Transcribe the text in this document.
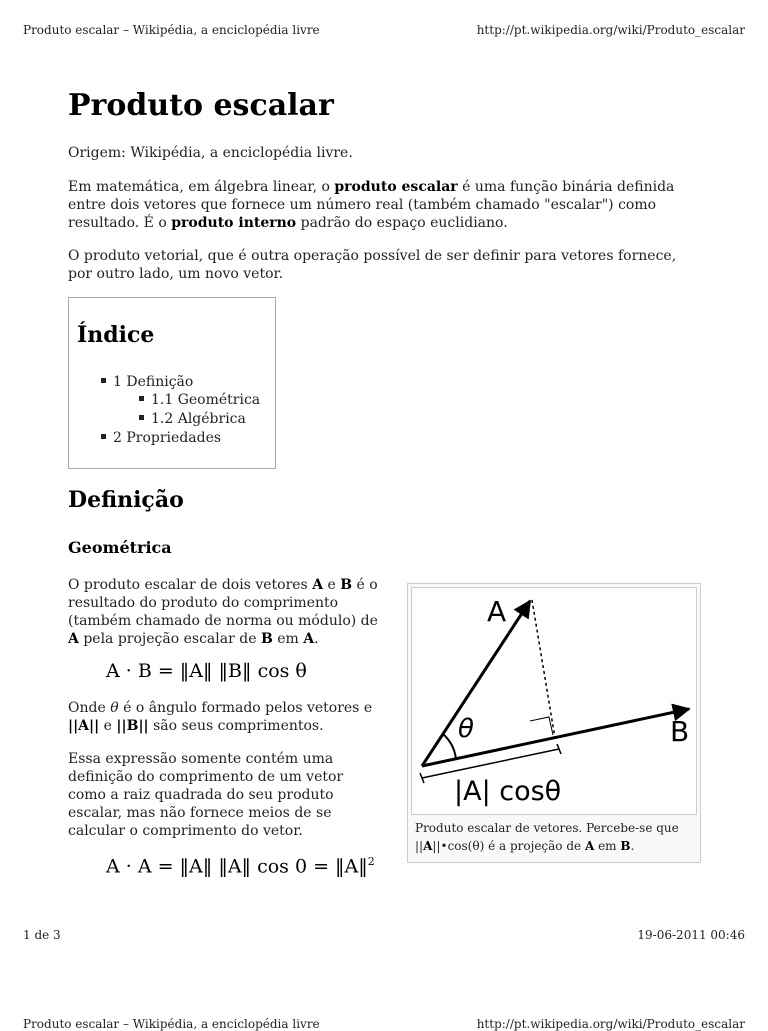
Produto escalar – Wikipédia, a enciclopédia livre	http://pt.wikipedia.org/wiki/Produto_escalar
Produto escalar

Origem: Wikipédia, a enciclopédia livre.

Em matemática, em álgebra linear, o produto escalar é uma função binária definida entre dois vetores que fornece um número real (também chamado "escalar") como resultado. É o produto interno padrão do espaço euclidiano.

O produto vetorial, que é outra operação possível de ser definir para vetores fornece, por outro lado, um novo vetor.

Índice
1 Definição
1.1 Geométrica
1.2 Algébrica
2 Propriedades
Definição
Geométrica

O produto escalar de dois vetores A e B é o resultado do produto do comprimento (também chamado de norma ou módulo) de A pela projeção escalar de B em A.

A · B = ‖A‖ ‖B‖ cos θ

Onde θ é o ângulo formado pelos vetores e ||A|| e ||B|| são seus comprimentos.

Essa expressão somente contém uma definição do comprimento de um vetor como a raiz quadrada do seu produto escalar, mas não fornece meios de se calcular o comprimento do vetor.

A · A = ‖A‖ ‖A‖ cos 0 = ‖A‖$^2$
A
B
θ
|A| cosθ

Produto escalar de vetores. Percebe-se que ||A||•cos(θ) é a projeção de A em B.

1 de 3	19-06-2011 00:46
Produto escalar – Wikipédia, a enciclopédia livre	http://pt.wikipedia.org/wiki/Produto_escalar
